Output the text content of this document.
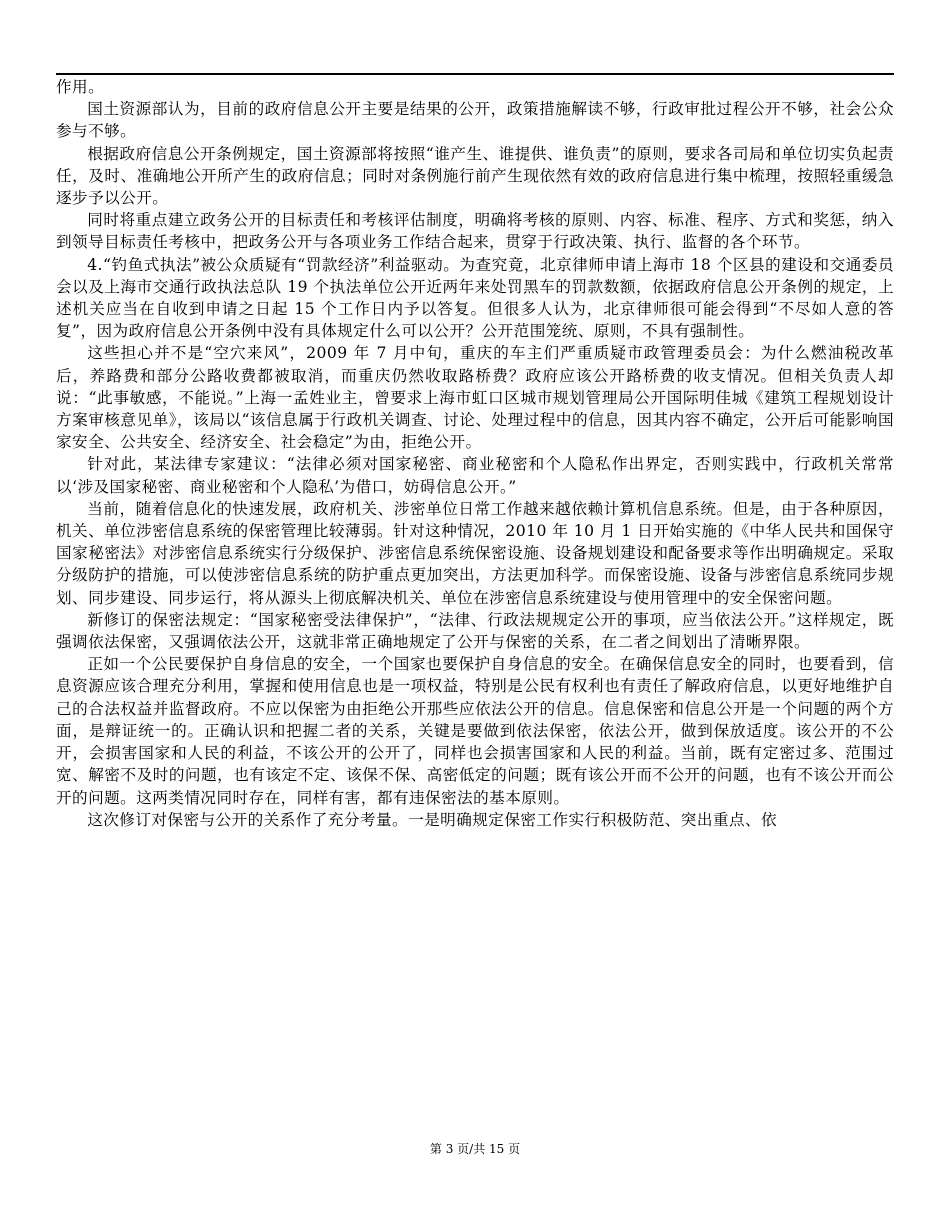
作用。

国土资源部认为，目前的政府信息公开主要是结果的公开，政策措施解读不够，行政审批过程公开不够，社会公众参与不够。

根据政府信息公开条例规定，国土资源部将按照“谁产生、谁提供、谁负责”的原则，要求各司局和单位切实负起责任，及时、准确地公开所产生的政府信息；同时对条例施行前产生现依然有效的政府信息进行集中梳理，按照轻重缓急逐步予以公开。

同时将重点建立政务公开的目标责任和考核评估制度，明确将考核的原则、内容、标准、程序、方式和奖惩，纳入到领导目标责任考核中，把政务公开与各项业务工作结合起来，贯穿于行政决策、执行、监督的各个环节。

4.“钓鱼式执法”被公众质疑有“罚款经济”利益驱动。为查究竟，北京律师申请上海市 18 个区县的建设和交通委员会以及上海市交通行政执法总队 19 个执法单位公开近两年来处罚黑车的罚款数额，依据政府信息公开条例的规定，上述机关应当在自收到申请之日起 15 个工作日内予以答复。但很多人认为，北京律师很可能会得到“不尽如人意的答复”，因为政府信息公开条例中没有具体规定什么可以公开？公开范围笼统、原则，不具有强制性。

这些担心并不是“空穴来风”，2009 年 7 月中旬，重庆的车主们严重质疑市政管理委员会：为什么燃油税改革后，养路费和部分公路收费都被取消，而重庆仍然收取路桥费？政府应该公开路桥费的收支情况。但相关负责人却说：“此事敏感，不能说。”上海一孟姓业主，曾要求上海市虹口区城市规划管理局公开国际明佳城《建筑工程规划设计方案审核意见单》，该局以“该信息属于行政机关调查、讨论、处理过程中的信息，因其内容不确定，公开后可能影响国家安全、公共安全、经济安全、社会稳定”为由，拒绝公开。

针对此，某法律专家建议：“法律必须对国家秘密、商业秘密和个人隐私作出界定，否则实践中，行政机关常常以‘涉及国家秘密、商业秘密和个人隐私’为借口，妨碍信息公开。”

当前，随着信息化的快速发展，政府机关、涉密单位日常工作越来越依赖计算机信息系统。但是，由于各种原因，机关、单位涉密信息系统的保密管理比较薄弱。针对这种情况，2010 年 10 月 1 日开始实施的《中华人民共和国保守国家秘密法》对涉密信息系统实行分级保护、涉密信息系统保密设施、设备规划建设和配备要求等作出明确规定。采取分级防护的措施，可以使涉密信息系统的防护重点更加突出，方法更加科学。而保密设施、设备与涉密信息系统同步规划、同步建设、同步运行，将从源头上彻底解决机关、单位在涉密信息系统建设与使用管理中的安全保密问题。

新修订的保密法规定：“国家秘密受法律保护”，“法律、行政法规规定公开的事项，应当依法公开。”这样规定，既强调依法保密，又强调依法公开，这就非常正确地规定了公开与保密的关系，在二者之间划出了清晰界限。

正如一个公民要保护自身信息的安全，一个国家也要保护自身信息的安全。在确保信息安全的同时，也要看到，信息资源应该合理充分利用，掌握和使用信息也是一项权益，特别是公民有权利也有责任了解政府信息，以更好地维护自己的合法权益并监督政府。不应以保密为由拒绝公开那些应依法公开的信息。信息保密和信息公开是一个问题的两个方面，是辩证统一的。正确认识和把握二者的关系，关键是要做到依法保密，依法公开，做到保放适度。该公开的不公开，会损害国家和人民的利益，不该公开的公开了，同样也会损害国家和人民的利益。当前，既有定密过多、范围过宽、解密不及时的问题，也有该定不定、该保不保、高密低定的问题；既有该公开而不公开的问题，也有不该公开而公开的问题。这两类情况同时存在，同样有害，都有违保密法的基本原则。

这次修订对保密与公开的关系作了充分考量。一是明确规定保密工作实行积极防范、突出重点、依

第 3 页/共 15 页
